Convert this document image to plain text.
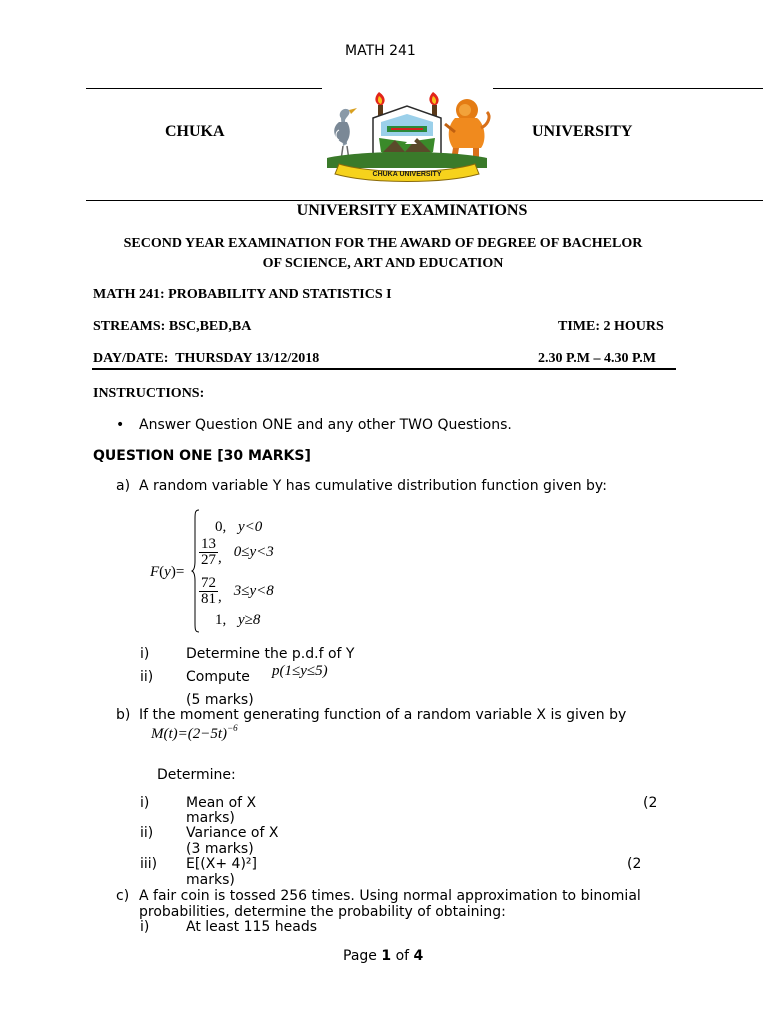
MATH 241
CHUKA	UNIVERSITY
CHUKA UNIVERSITY
UNIVERSITY EXAMINATIONS
SECOND YEAR EXAMINATION FOR THE AWARD OF DEGREE OF BACHELOR
OF SCIENCE, ART AND EDUCATION
MATH 241: PROBABILITY AND STATISTICS I
STREAMS: BSC,BED,BA	TIME: 2 HOURS
DAY/DATE:  THURSDAY 13/12/2018	2.30 P.M – 4.30 P.M
INSTRUCTIONS:
• Answer Question ONE and any other TWO Questions.
QUESTION ONE [30 MARKS]
a) A random variable Y has cumulative distribution function given by:
F(y)=
0, y<0
$\frac{13}{27}$ , 0≤y<3
$\frac{72}{81}$ , 3≤y<8
1, y≥8
i)	Determine the p.d.f of Y
ii) Compute p(1≤y≤5)
(5 marks)
b) If the moment generating function of a random variable X is given by
$M(t)=(2-5t)^{-6}$
Determine:
i)	Mean of X	(2
marks)
ii) Variance of X
(3 marks)
iii) E[(X+ 4)²]	(2
marks)
c) A fair coin is tossed 256 times. Using normal approximation to binomial
probabilities, determine the probability of obtaining:
i)	At least 115 heads
Page 1 of 4
